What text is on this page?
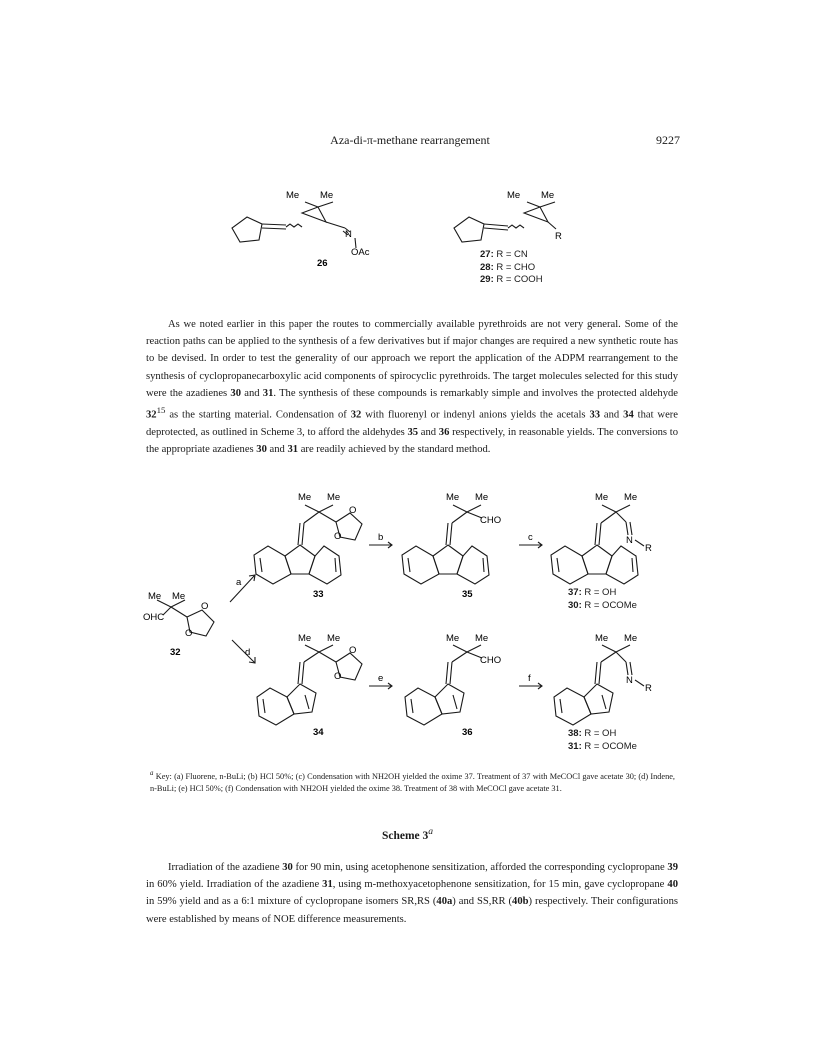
Aza-di-π-methane rearrangement	9227
Me Me
N
OAc
26
Me Me
R
Me Me
OHC
O
O
32
a
d
Me Me
O
O	b
33
Me Me
CHO
c
35
Me Me
N
R
Me Me
O
O	e
34
Me Me
CHO
f
36
Me Me
N
R
27: R = CN
28: R = CHO
29: R = COOH
37: R = OH
30: R = OCOMe
38: R = OH
31: R = OCOMe

As we noted earlier in this paper the routes to commercially available pyrethroids are not very general. Some of the reaction paths can be applied to the synthesis of a few derivatives but if major changes are required a new synthetic route has to be devised. In order to test the generality of our approach we report the application of the ADPM rearrangement to the synthesis of cyclopropanecarboxylic acid components of spirocyclic pyrethroids. The target molecules selected for this study were the azadienes 30 and 31. The synthesis of these compounds is remarkably simple and involves the protected aldehyde $32^{15}$ as the starting material. Condensation of 32 with fluorenyl or indenyl anions yields the acetals 33 and 34 that were deprotected, as outlined in Scheme 3, to afford the aldehydes 35 and 36 respectively, in reasonable yields. The conversions to the appropriate azadienes 30 and 31 are readily achieved by the standard method.

$^a$ Key: (a) Fluorene, n-BuLi; (b) HCl 50%; (c) Condensation with NH2OH yielded the oxime 37. Treatment of 37 with MeCOCl gave acetate 30; (d) Indene, n-BuLi; (e) HCl 50%; (f) Condensation with NH2OH yielded the oxime 38. Treatment of 38 with MeCOCl gave acetate 31.
Scheme 3$^a$

Irradiation of the azadiene 30 for 90 min, using acetophenone sensitization, afforded the corresponding cyclopropane 39 in 60% yield. Irradiation of the azadiene 31, using m-methoxyacetophenone sensitization, for 15 min, gave cyclopropane 40 in 59% yield and as a 6:1 mixture of cyclopropane isomers SR,RS (40a) and SS,RR (40b) respectively. Their configurations were established by means of NOE difference measurements.
